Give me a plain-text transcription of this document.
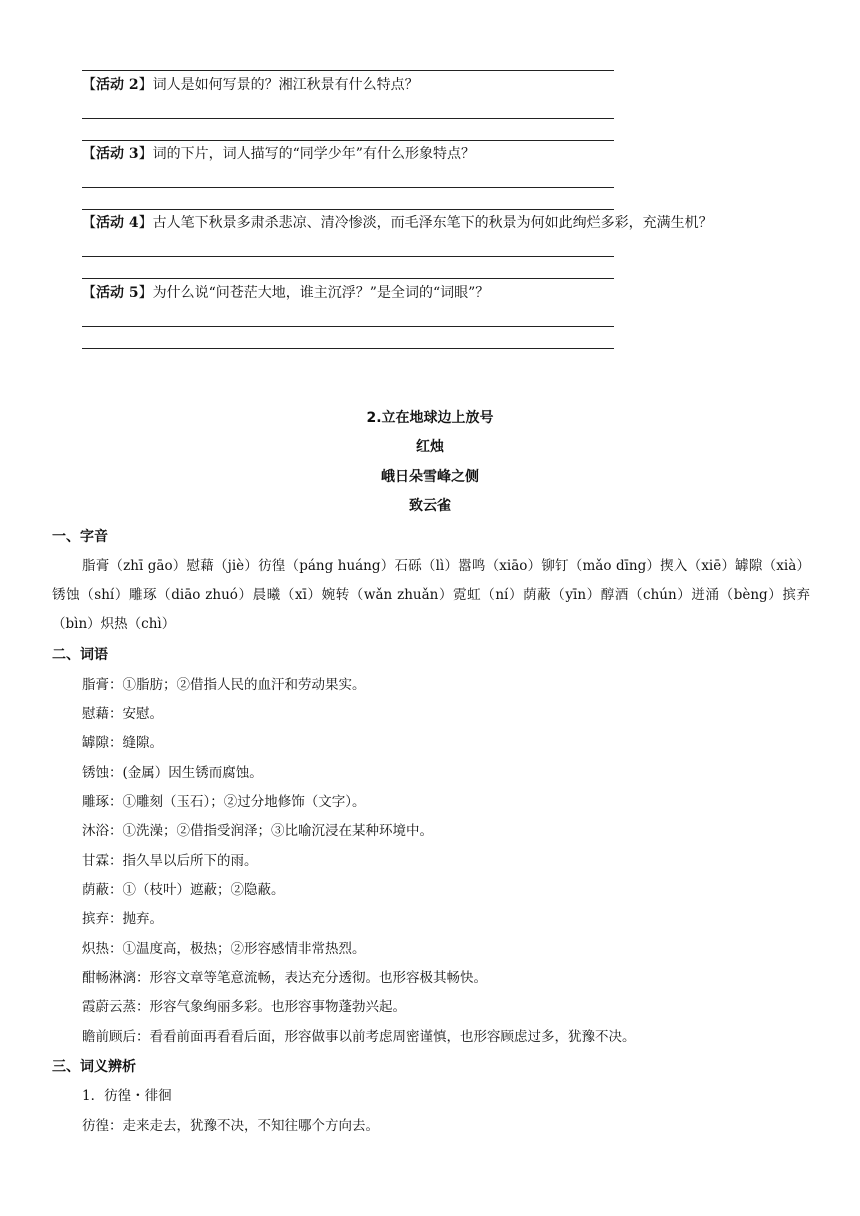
【活动 2】词人是如何写景的？湘江秋景有什么特点？
【活动 3】词的下片，词人描写的“同学少年”有什么形象特点？
【活动 4】古人笔下秋景多肃杀悲凉、清冷惨淡，而毛泽东笔下的秋景为何如此绚烂多彩，充满生机？
【活动 5】为什么说“问苍茫大地，谁主沉浮？”是全词的“词眼”？
2.立在地球边上放号
红烛
峨日朵雪峰之侧
致云雀
一、字音
脂膏（zhī gāo）慰藉（jiè）彷徨（páng huáng）石砾（lì）嚣鸣（xiāo）铆钉（mǎo dīng）揳入（xiē）罅隙（xià）锈蚀（shí）雕琢（diāo zhuó）晨曦（xī）婉转（wǎn zhuǎn）霓虹（ní）荫蔽（yīn）醇酒（chún）迸涌（bèng）摈弃（bìn）炽热（chì）
二、词语
脂膏：①脂肪；②借指人民的血汗和劳动果实。
慰藉：安慰。
罅隙：缝隙。
锈蚀：(金属）因生锈而腐蚀。
雕琢：①雕刻（玉石）；②过分地修饰（文字）。
沐浴：①洗澡；②借指受润泽；③比喻沉浸在某种环境中。
甘霖：指久旱以后所下的雨。
荫蔽：①（枝叶）遮蔽；②隐蔽。
摈弃：抛弃。
炽热：①温度高，极热；②形容感情非常热烈。
酣畅淋漓：形容文章等笔意流畅，表达充分透彻。也形容极其畅快。
霞蔚云蒸：形容气象绚丽多彩。也形容事物蓬勃兴起。
瞻前顾后：看看前面再看看后面，形容做事以前考虑周密谨慎，也形容顾虑过多，犹豫不决。
三、词义辨析
1．彷徨・徘徊
彷徨：走来走去，犹豫不决，不知往哪个方向去。
